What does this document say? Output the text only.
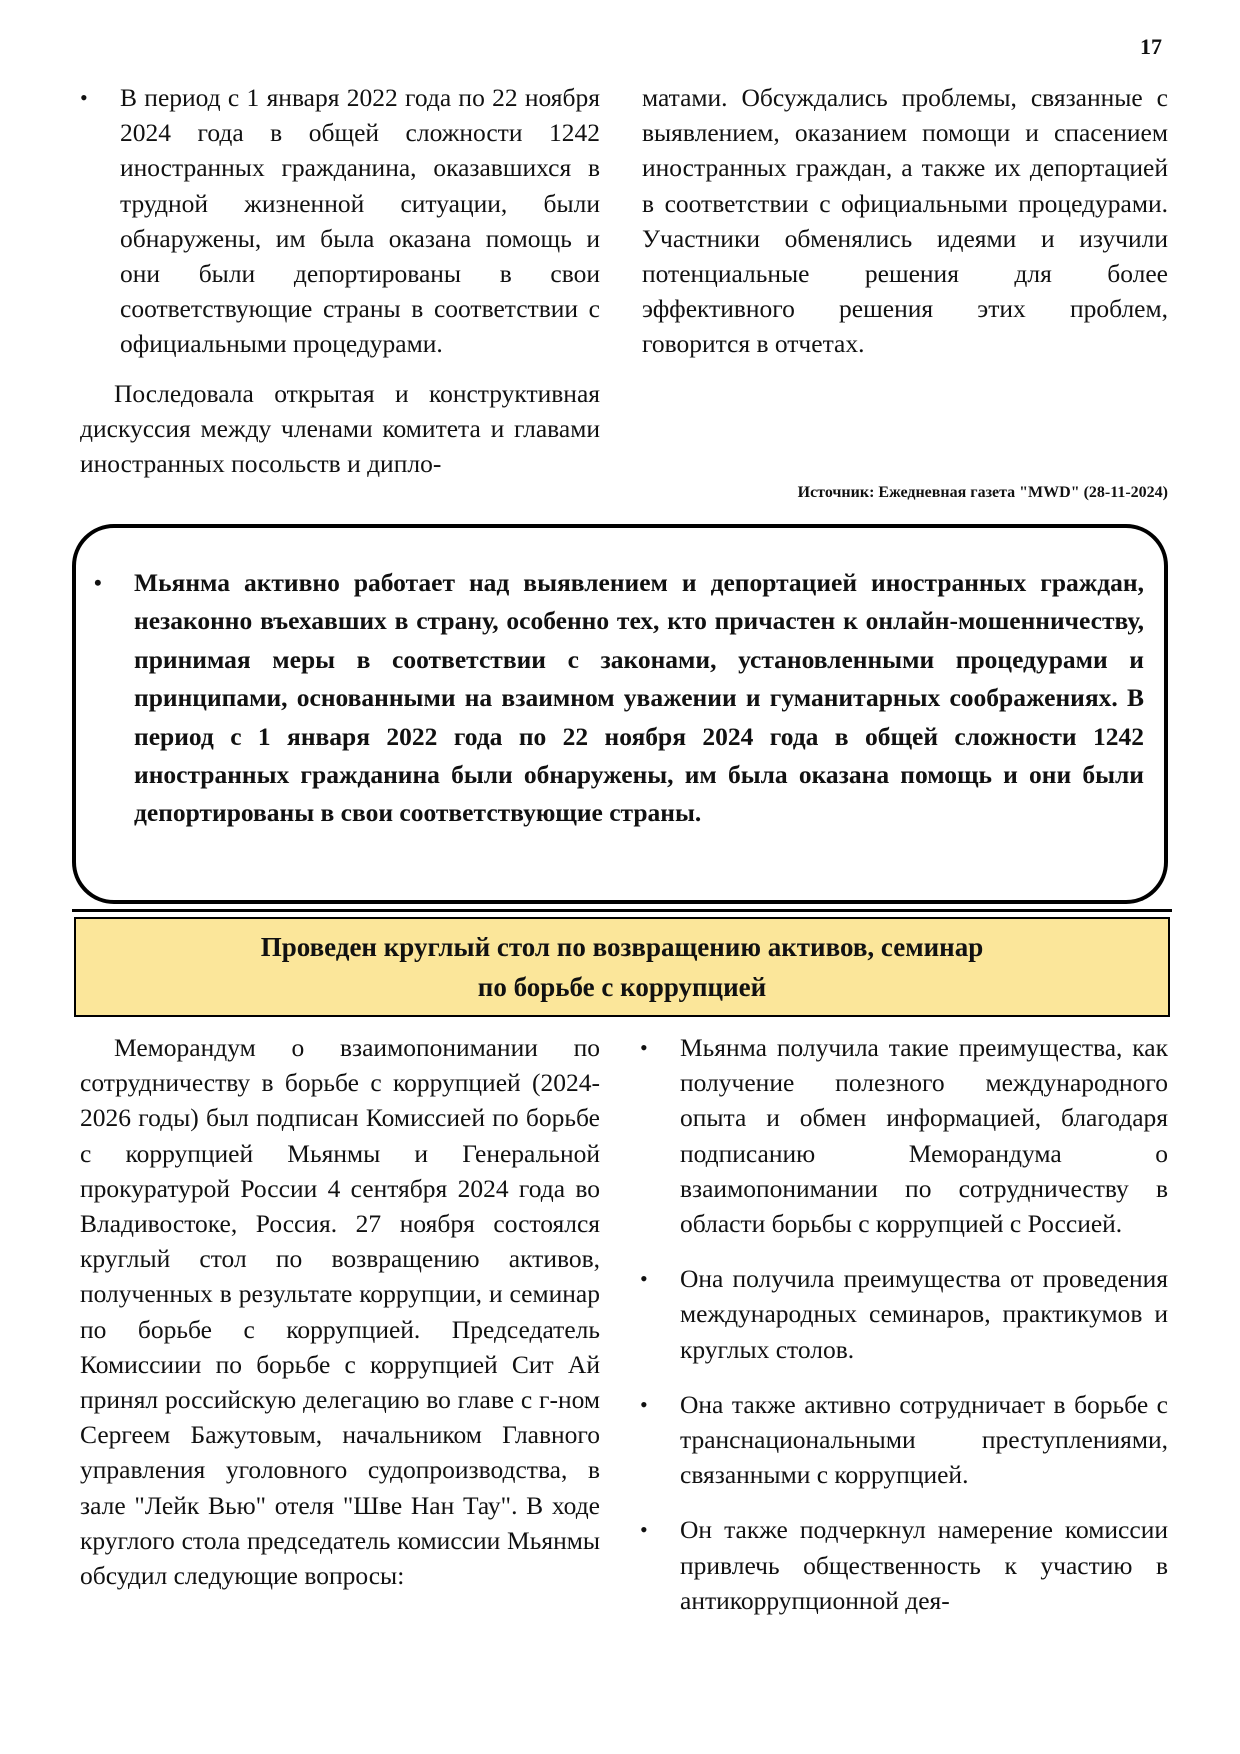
17

• В период с 1 января 2022 года по 22 ноября 2024 года в общей сложности 1242 иностранных гражданина, оказавшихся в трудной жизненной ситуации, были обнаружены, им была оказана помощь и они были депортированы в свои соответствующие страны в соответствии с официальными процедурами.

Последовала открытая и конструктивная дискуссия между членами комитета и главами иностранных посольств и дипло-

матами. Обсуждались проблемы, связанные с выявлением, оказанием помощи и спасением иностранных граждан, а также их депортацией в соответствии с официальными процедурами. Участники обменялись идеями и изучили потенциальные решения для более эффективного решения этих проблем, говорится в отчетах.

Источник: Ежедневная газета "MWD" (28-11-2024)
• Мьянма активно работает над выявлением и депортацией иностранных граждан, незаконно въехавших в страну, особенно тех, кто причастен к онлайн-мошенничеству, принимая меры в соответствии с законами, установленными процедурами и принципами, основанными на взаимном уважении и гуманитарных соображениях. В период с 1 января 2022 года по 22 ноября 2024 года в общей сложности 1242 иностранных гражданина были обнаружены, им была оказана помощь и они были депортированы в свои соответствующие страны.
Проведен круглый стол по возвращению активов, семинар
по борьбе с коррупцией

Меморандум о взаимопонимании по сотрудничеству в борьбе с коррупцией (2024-2026 годы) был подписан Комиссией по борьбе с коррупцией Мьянмы и Генеральной прокуратурой России 4 сентября 2024 года во Владивостоке, Россия. 27 ноября состоялся круглый стол по возвращению активов, полученных в результате коррупции, и семинар по борьбе с коррупцией. Председатель Комиссиии по борьбе с коррупцией Сит Ай принял российскую делегацию во главе с г-ном Сергеем Бажутовым, начальником Главного управления уголовного судопроизводства, в зале "Лейк Вью" отеля "Шве Нан Тау". В ходе круглого стола председатель комиссии Мьянмы обсудил следующие вопросы:

• Мьянма получила такие преимущества, как получение полезного международного опыта и обмен информацией, благодаря подписанию Меморандума о взаимопонимании по сотрудничеству в области борьбы с коррупцией с Россией.

• Она получила преимущества от проведения международных семинаров, практикумов и круглых столов.

• Она также активно сотрудничает в борьбе с транснациональными преступлениями, связанными с коррупцией.

• Он также подчеркнул намерение комиссии привлечь общественность к участию в антикоррупционной дея-
